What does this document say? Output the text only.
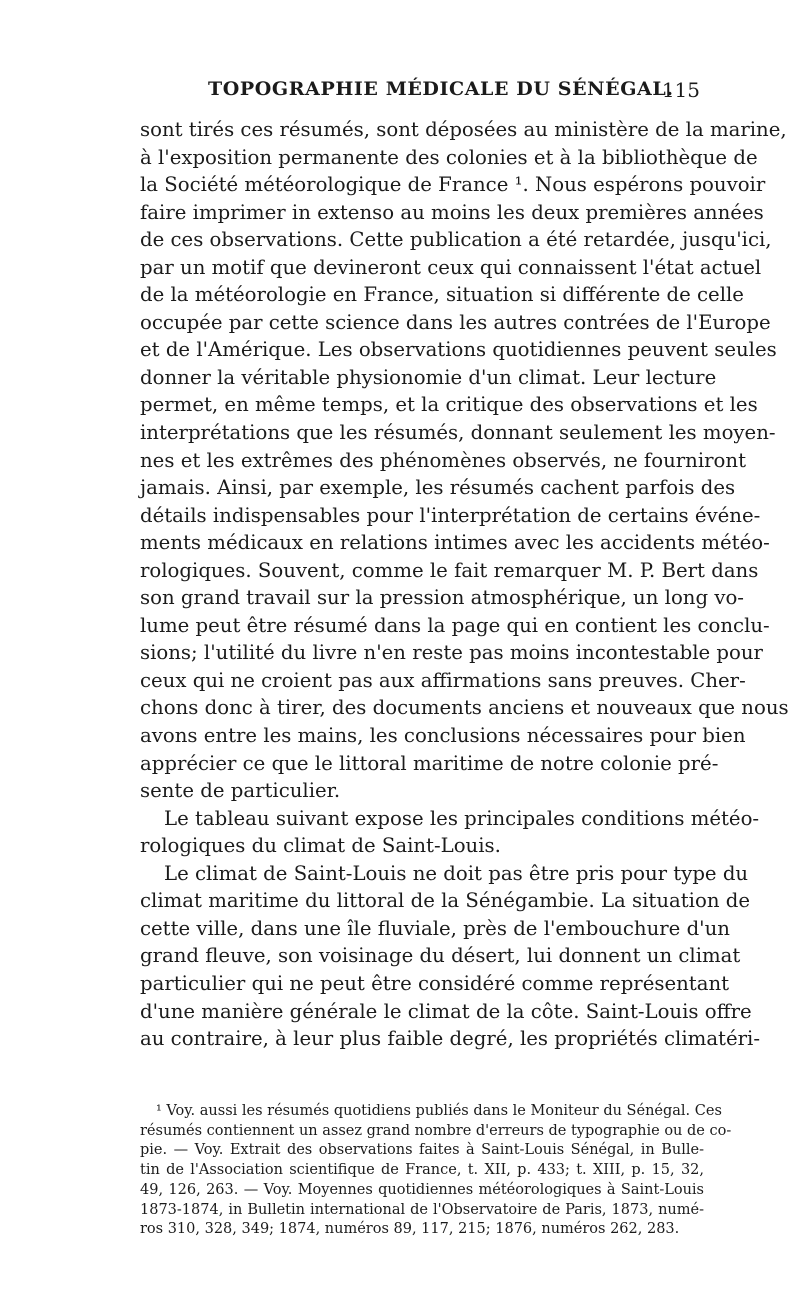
TOPOGRAPHIE MÉDICALE DU SÉNÉGAL.
115
sont tirés ces résumés, sont déposées au ministère de la marine,
à l'exposition permanente des colonies et à la bibliothèque de
la Société météorologique de France ¹. Nous espérons pouvoir
faire imprimer in extenso au moins les deux premières années
de ces observations. Cette publication a été retardée, jusqu'ici,
par un motif que devineront ceux qui connaissent l'état actuel
de la météorologie en France, situation si différente de celle
occupée par cette science dans les autres contrées de l'Europe
et de l'Amérique. Les observations quotidiennes peuvent seules
donner la véritable physionomie d'un climat. Leur lecture
permet, en même temps, et la critique des observations et les
interprétations que les résumés, donnant seulement les moyen-
nes et les extrêmes des phénomènes observés, ne fourniront
jamais. Ainsi, par exemple, les résumés cachent parfois des
détails indispensables pour l'interprétation de certains événe-
ments médicaux en relations intimes avec les accidents météo-
rologiques. Souvent, comme le fait remarquer M. P. Bert dans
son grand travail sur la pression atmosphérique, un long vo-
lume peut être résumé dans la page qui en contient les conclu-
sions; l'utilité du livre n'en reste pas moins incontestable pour
ceux qui ne croient pas aux affirmations sans preuves. Cher-
chons donc à tirer, des documents anciens et nouveaux que nous
avons entre les mains, les conclusions nécessaires pour bien
apprécier ce que le littoral maritime de notre colonie pré-
sente de particulier.
Le tableau suivant expose les principales conditions météo-
rologiques du climat de Saint-Louis.
Le climat de Saint-Louis ne doit pas être pris pour type du
climat maritime du littoral de la Sénégambie. La situation de
cette ville, dans une île fluviale, près de l'embouchure d'un
grand fleuve, son voisinage du désert, lui donnent un climat
particulier qui ne peut être considéré comme représentant
d'une manière générale le climat de la côte. Saint-Louis offre
au contraire, à leur plus faible degré, les propriétés climatéri-
¹ Voy. aussi les résumés quotidiens publiés dans le Moniteur du Sénégal. Ces
résumés contiennent un assez grand nombre d'erreurs de typographie ou de co-
pie. — Voy. Extrait des observations faites à Saint-Louis Sénégal, in Bulle-
tin de l'Association scientifique de France, t. XII, p. 433; t. XIII, p. 15, 32,
49, 126, 263. — Voy. Moyennes quotidiennes météorologiques à Saint-Louis
1873-1874, in Bulletin international de l'Observatoire de Paris, 1873, numé-
ros 310, 328, 349; 1874, numéros 89, 117, 215; 1876, numéros 262, 283.
